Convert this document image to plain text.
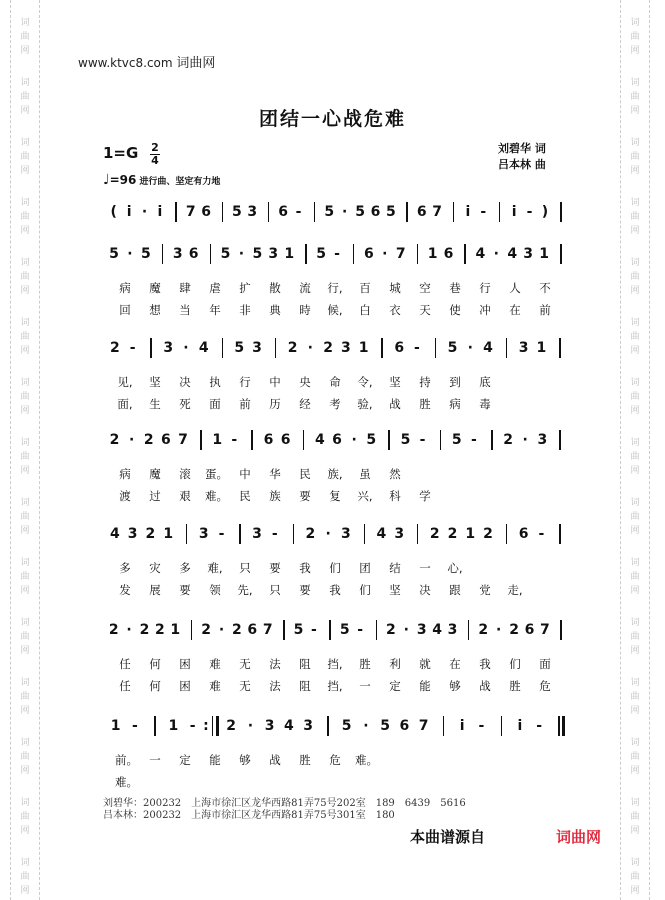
词
曲
网
词
曲
网
词
曲
网
词
曲
网
词
曲
网
词
曲
网
词
曲
网
词
曲
网
词
曲
网
词
曲
网
词
曲
网
词
曲
网
词
曲
网
词
曲
网
词
曲
网
词
曲
网
词
曲
网
词
曲
网
词
曲
网
词
曲
网
词
曲
网
词
曲
网
词
曲
网
词
曲
网
词
曲
网
词
曲
网
词
曲
网
词
曲
网
词
曲
网
词
曲
网
www.ktvc8.com 词曲网
团结一心战危难
1=G 2
4
刘碧华 词
吕本林 曲
♩=96 进行曲、坚定有力地
( i · i	7 6 5 3 6 -	5 · 5 6 5 6 7	i -	i - )
5 · 5 3 6 5 · 5 3 1 5 -	6 · 7 1 6 4 · 4 3 1
病	魔	肆	虐	扩	散	流	行,	百	城	空	巷	行	人	不
回	想	当	年	非	典	時	候,	白	衣	天	使	冲	在	前
2 -	3 · 4 5 3 2 · 2 3 1 6 -	5 · 4 3 1
见,	坚	决	执	行	中	央	命	令,	坚	持	到	底
面,	生	死	面	前	历	经	考	验,	战	胜	病	毒
2 · 2 6 7 1 -	6 6 4 6 · 5 5 -	5 -	2 · 3
病	魔	滚	蛋。 中	华	民	族,	虽	然
渡	过	艰	难。 民	族	要	复	兴,	科	学
4 3 2 1 3 -	3 -	2 · 3 4 3 2 2 1 2 6 -
多	灾	多	难,	只	要	我	们	团	结	一	心,
发	展	要	领	先,	只	要	我	们	坚	决	跟	党	走,
2 · 2 2 1 2 · 2 6 7 5 -	5 -	2 · 3 4 3 2 · 2 6 7
任	何	困	难	无	法	阻	挡,	胜	利	就	在	我	们	面
任	何	困	难	无	法	阻	挡,	一	定	能	够	战	胜	危
1 -	1 - :	2 · 3 4 3 5 · 5 6 7	i -	i -
前。 一	定	能	够	战	胜	危	难。
难。
刘碧华：200232　上海市徐汇区龙华西路81弄75号202室　189　6439　5616
吕本林：200232　上海市徐汇区龙华西路81弄75号301室　180
本曲谱源自	词曲网
